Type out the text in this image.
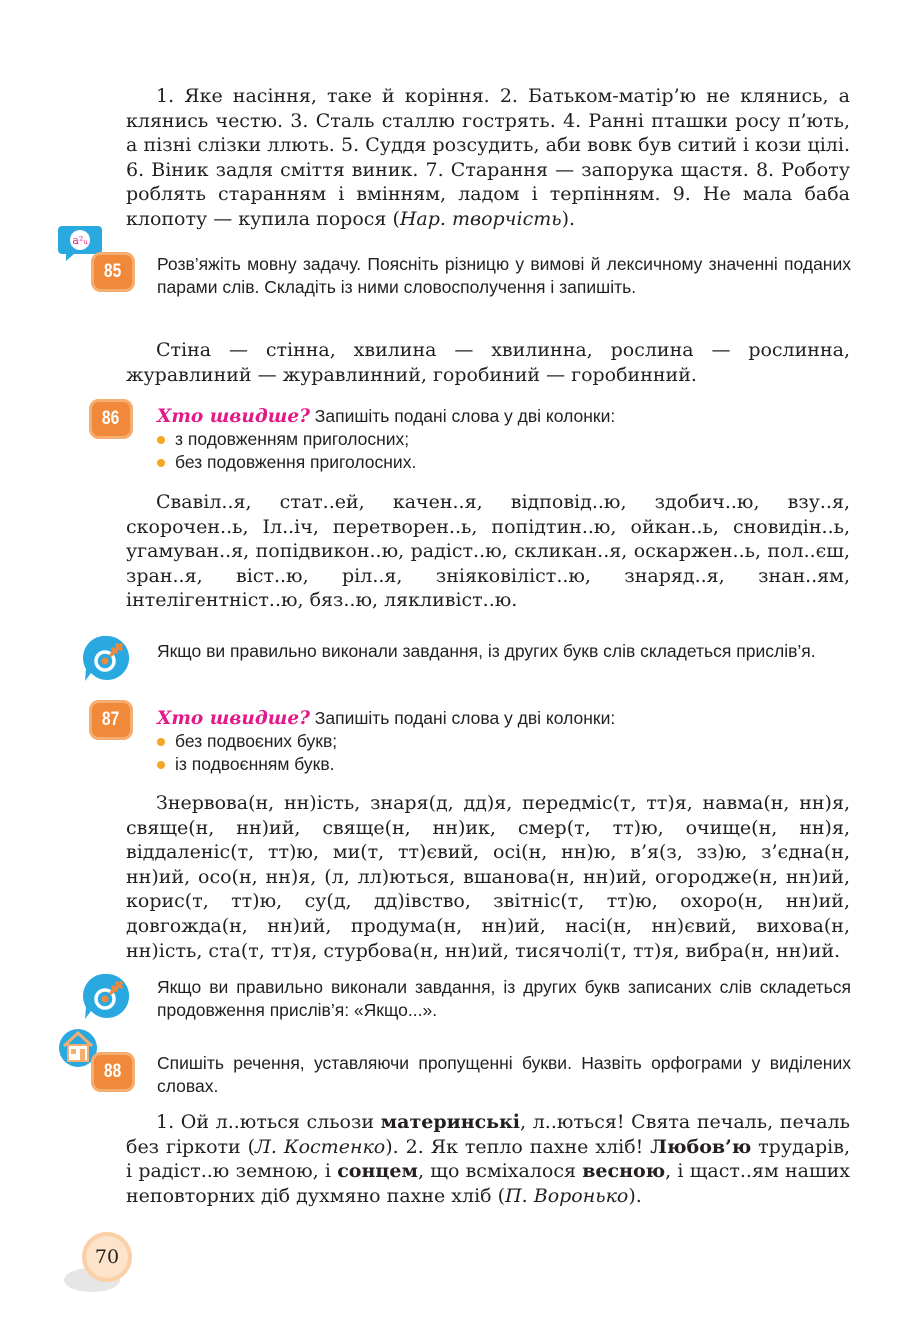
1. Яке насіння, таке й коріння. 2. Батьком-матір’ю не клянись, а клянись честю. 3. Сталь сталлю гострять. 4. Ранні пташки росу п’ють, а пізні слізки ллють. 5. Суддя розсудить, аби вовк був ситий і кози цілі. 6. Віник задля сміття виник. 7. Старання — запорука щастя. 8. Роботу роблять старанням і вмінням, ладом і терпінням. 9. Не мала баба клопоту — купила порося (Нар. творчість).

a²ᵤ
85 Розв’яжіть мовну задачу. Поясніть різницю у вимові й лексичному значенні поданих парами слів. Складіть із ними словосполучення і запишіть.

Стіна — стінна, хвилина — хвилинна, рослина — рослинна, журавлиний — журавлинний, горобиний — горобинний.

86 Хто швидше? Запишіть подані слова у дві колонки:
з подовженням приголосних;
без подовження приголосних.

Свавіл..я, стат..ей, качен..я, відповід..ю, здобич..ю, взу..я, скорочен..ь, Іл..іч, перетворен..ь, попідтин..ю, ойкан..ь, сновидін..ь, угамуван..я, попідвикон..ю, радіст..ю, скликан..я, оскаржен..ь, пол..єш, зран..я, віст..ю, ріл..я, зніяковіліст..ю, знаряд..я, знан..ям, інтелігентніст..ю, бяз..ю, лякливіст..ю.

Якщо ви правильно виконали завдання, із других букв слів складеться прислів’я.

87 Хто швидше? Запишіть подані слова у дві колонки:
без подвоєних букв;
із подвоєнням букв.

Знервова(н, нн)ість, знаря(д, дд)я, передміс(т, тт)я, навма(н, нн)я, свяще(н, нн)ий, свяще(н, нн)ик, смер(т, тт)ю, очище(н, нн)я, віддаленіс(т, тт)ю, ми(т, тт)євий, осі(н, нн)ю, в’я(з, зз)ю, з’єдна(н, нн)ий, осо(н, нн)я, (л, лл)ються, вшанова(н, нн)ий, огородже(н, нн)ий, корис(т, тт)ю, су(д, дд)івство, звітніс(т, тт)ю, охоро(н, нн)ий, довгожда(н, нн)ий, продума(н, нн)ий, насі(н, нн)євий, вихова(н, нн)ість, ста(т, тт)я, стурбова(н, нн)ий, тисячолі(т, тт)я, вибра(н, нн)ий.

Якщо ви правильно виконали завдання, із других букв записаних слів складеться продовження прислів’я: «Якщо...».

88 Спишіть речення, уставляючи пропущенні букви. Назвіть орфограми у виділених словах.

1. Ой л..ються сльози материнські, л..ються! Свята печаль, печаль без гіркоти (Л. Костенко). 2. Як тепло пахне хліб! Любов’ю трударів, і радіст..ю земною, і сонцем, що всміхалося весною, і щаст..ям наших неповторних діб духмяно пахне хліб (П. Воронько).

70
